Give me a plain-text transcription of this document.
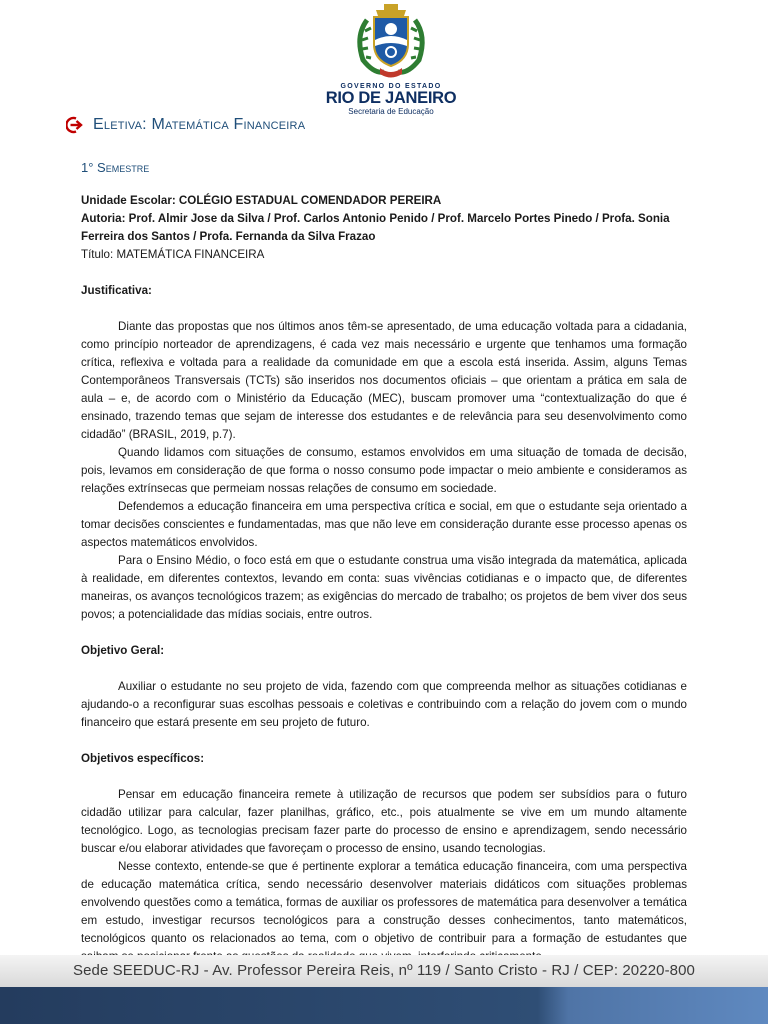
GOVERNO DO ESTADO
RIO DE JANEIRO
Secretaria de Educação
Eletiva: Matemática Financeira
1° Semestre

Unidade Escolar: COLÉGIO ESTADUAL COMENDADOR PEREIRA

Autoria: Prof. Almir Jose da Silva / Prof. Carlos Antonio Penido / Prof. Marcelo Portes Pinedo / Profa. Sonia Ferreira dos Santos / Profa. Fernanda da Silva Frazao

Título: MATEMÁTICA FINANCEIRA

Justificativa:

Diante das propostas que nos últimos anos têm-se apresentado, de uma educação voltada para a cidadania, como princípio norteador de aprendizagens, é cada vez mais necessário e urgente que tenhamos uma formação crítica, reflexiva e voltada para a realidade da comunidade em que a escola está inserida. Assim, alguns Temas Contemporâneos Transversais (TCTs) são inseridos nos documentos oficiais – que orientam a prática em sala de aula – e, de acordo com o Ministério da Educação (MEC), buscam promover uma “contextualização do que é ensinado, trazendo temas que sejam de interesse dos estudantes e de relevância para seu desenvolvimento como cidadão” (BRASIL, 2019, p.7).

Quando lidamos com situações de consumo, estamos envolvidos em uma situação de tomada de decisão, pois, levamos em consideração de que forma o nosso consumo pode impactar o meio ambiente e consideramos as relações extrínsecas que permeiam nossas relações de consumo em sociedade.

Defendemos a educação financeira em uma perspectiva crítica e social, em que o estudante seja orientado a tomar decisões conscientes e fundamentadas, mas que não leve em consideração durante esse processo apenas os aspectos matemáticos envolvidos.

Para o Ensino Médio, o foco está em que o estudante construa uma visão integrada da matemática, aplicada à realidade, em diferentes contextos, levando em conta: suas vivências cotidianas e o impacto que, de diferentes maneiras, os avanços tecnológicos trazem; as exigências do mercado de trabalho; os projetos de bem viver dos seus povos; a potencialidade das mídias sociais, entre outros.

Objetivo Geral:

Auxiliar o estudante no seu projeto de vida, fazendo com que compreenda melhor as situações cotidianas e ajudando-o a reconfigurar suas escolhas pessoais e coletivas e contribuindo com a relação do jovem com o mundo financeiro que estará presente em seu projeto de futuro.

Objetivos específicos:

Pensar em educação financeira remete à utilização de recursos que podem ser subsídios para o futuro cidadão utilizar para calcular, fazer planilhas, gráfico, etc., pois atualmente se vive em um mundo altamente tecnológico. Logo, as tecnologias precisam fazer parte do processo de ensino e aprendizagem, sendo necessário buscar e/ou elaborar atividades que favoreçam o processo de ensino, usando tecnologias.

Nesse contexto, entende-se que é pertinente explorar a temática educação financeira, com uma perspectiva de educação matemática crítica, sendo necessário desenvolver materiais didáticos com situações problemas envolvendo questões como a temática, formas de auxiliar os professores de matemática para desenvolver a temática em estudo, investigar recursos tecnológicos para a construção desses conhecimentos, tanto matemáticos, tecnológicos quanto os relacionados ao tema, com o objetivo de contribuir para a formação de estudantes que

Sede SEEDUC-RJ - Av. Professor Pereira Reis, nº 119 / Santo Cristo - RJ / CEP: 20220-800
